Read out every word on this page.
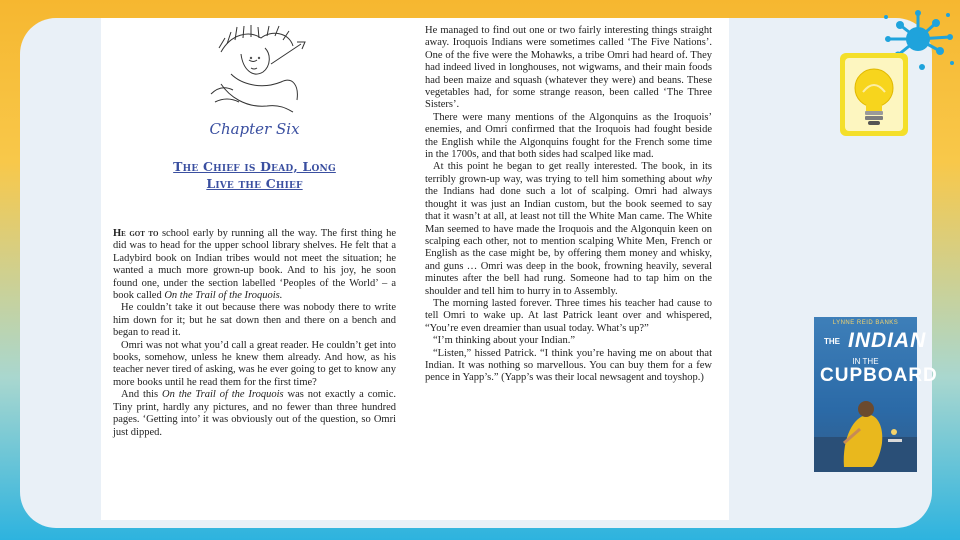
Chapter Six
The Chief is Dead, Long
Live the Chief

He got to school early by running all the way. The first thing he did was to head for the upper school library shelves. He felt that a Ladybird book on Indian tribes would not meet the situation; he wanted a much more grown-up book. And to his joy, he soon found one, under the section labelled ‘Peoples of the World’ – a book called On the Trail of the Iroquois.

He couldn’t take it out because there was nobody there to write him down for it; but he sat down then and there on a bench and began to read it.

Omri was not what you’d call a great reader. He couldn’t get into books, somehow, unless he knew them already. And how, as his teacher never tired of asking, was he ever going to get to know any more books until he read them for the first time?

And this On the Trail of the Iroquois was not exactly a comic. Tiny print, hardly any pictures, and no fewer than three hundred pages. ‘Getting into’ it was obviously out of the question, so Omri just dipped.

He managed to find out one or two fairly interesting things straight away. Iroquois Indians were sometimes called ‘The Five Nations’. One of the five were the Mohawks, a tribe Omri had heard of. They had indeed lived in longhouses, not wigwams, and their main foods had been maize and squash (whatever they were) and beans. These vegetables had, for some strange reason, been called ‘The Three Sisters’.

There were many mentions of the Algonquins as the Iroquois’ enemies, and Omri confirmed that the Iroquois had fought beside the English while the Algonquins fought for the French some time in the 1700s, and that both sides had scalped like mad.

At this point he began to get really interested. The book, in its terribly grown-up way, was trying to tell him something about why the Indians had done such a lot of scalping. Omri had always thought it was just an Indian custom, but the book seemed to say that it wasn’t at all, at least not till the White Man came. The White Man seemed to have made the Iroquois and the Algonquin keen on scalping each other, not to mention scalping White Men, French or English as the case might be, by offering them money and whisky, and guns … Omri was deep in the book, frowning heavily, several minutes after the bell had rung. Someone had to tap him on the shoulder and tell him to hurry in to Assembly.

The morning lasted forever. Three times his teacher had cause to tell Omri to wake up. At last Patrick leant over and whispered, “You’re even dreamier than usual today. What’s up?”

“I’m thinking about your Indian.”

“Listen,” hissed Patrick. “I think you’re having me on about that Indian. It was nothing so marvellous. You can buy them for a few pence in Yapp’s.” (Yapp’s was their local newsagent and toyshop.)

LYNNE REID BANKS
THE INDIAN
IN THE
CUPBOARD
